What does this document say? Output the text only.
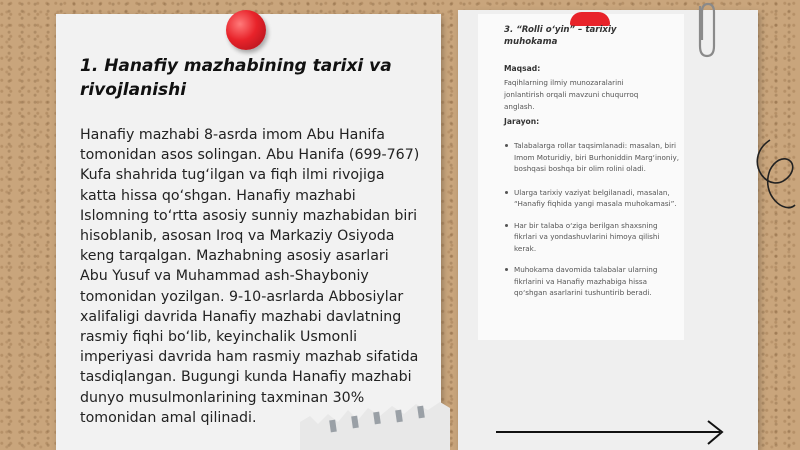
1. Hanafiy mazhabining tarixi va rivojlanishi
Hanafiy mazhabi 8-asrda imom Abu Hanifa tomonidan asos solingan. Abu Hanifa (699-767) Kufa shahrida tug‘ilgan va fiqh ilmi rivojiga katta hissa qo‘shgan. Hanafiy mazhabi Islomning to‘rtta asosiy sunniy mazhabidan biri hisoblanib, asosan Iroq va Markaziy Osiyoda keng tarqalgan. Mazhabning asosiy asarlari Abu Yusuf va Muhammad ash-Shayboniy tomonidan yozilgan. 9-10-asrlarda Abbosiylar xalifaligi davrida Hanafiy mazhabi davlatning rasmiy fiqhi bo‘lib, keyinchalik Usmonli imperiyasi davrida ham rasmiy mazhab sifatida tasdiqlangan. Bugungi kunda Hanafiy mazhabi dunyo musulmonlarining taxminan 30% tomonidan amal qilinadi.
3. “Rolli o‘yin” – tarixiy muhokama
Maqsad:
Faqihlarning ilmiy munozaralarini jonlantirish orqali mavzuni chuqurroq anglash.
Jarayon:
Talabalarga rollar taqsimlanadi: masalan, biri Imom Moturidiy, biri Burhoniddin Marg‘inoniy, boshqasi boshqa bir olim rolini oladi.
Ularga tarixiy vaziyat belgilanadi, masalan, “Hanafiy fiqhida yangi masala muhokamasi”.
Har bir talaba o‘ziga berilgan shaxsning fikrlari va yondashuvlarini himoya qilishi kerak.
Muhokama davomida talabalar ularning fikrlarini va Hanafiy mazhabiga hissa qo‘shgan asarlarini tushuntirib beradi.
